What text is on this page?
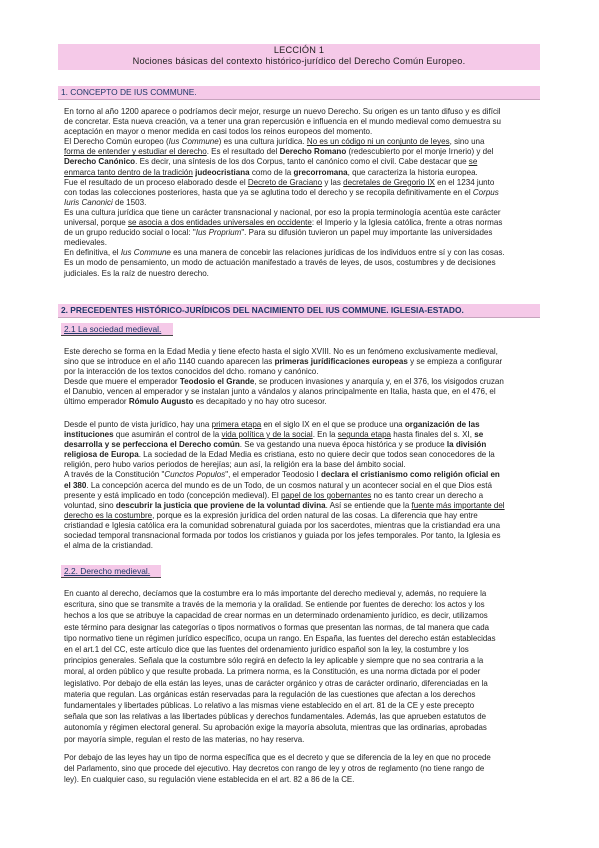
LECCIÓN 1
Nociones básicas del contexto histórico-jurídico del Derecho Común Europeo.
1. CONCEPTO DE IUS COMMUNE.
En torno al año 1200 aparece o podríamos decir mejor, resurge un nuevo Derecho. Su origen es un tanto difuso y es difícil
de concretar. Esta nueva creación, va a tener una gran repercusión e influencia en el mundo medieval como demuestra su
aceptación en mayor o menor medida en casi todos los reinos europeos del momento.
El Derecho Común europeo (Ius Commune) es una cultura jurídica. No es un código ni un conjunto de leyes, sino una
forma de entender y estudiar el derecho. Es el resultado del Derecho Romano (redescubierto por el monje Irnerio) y del
Derecho Canónico. Es decir, una síntesis de los dos Corpus, tanto el canónico como el civil. Cabe destacar que se
enmarca tanto dentro de la tradición judeocristiana como de la grecorromana, que caracteriza la historia europea.
Fue el resultado de un proceso elaborado desde el Decreto de Graciano y las decretales de Gregorio IX en el 1234 junto
con todas las colecciones posteriores, hasta que ya se aglutina todo el derecho y se recopila definitivamente en el Corpus
Iuris Canonici de 1503.
Es una cultura jurídica que tiene un carácter transnacional y nacional, por eso la propia terminología acentúa este carácter
universal, porque se asocia a dos entidades universales en occidente: el Imperio y la Iglesia católica, frente a otras normas
de un grupo reducido social o local: "Ius Proprium". Para su difusión tuvieron un papel muy importante las universidades
medievales.
En definitiva, el Ius Commune es una manera de concebir las relaciones jurídicas de los individuos entre sí y con las cosas.
Es un modo de pensamiento, un modo de actuación manifestado a través de leyes, de usos, costumbres y de decisiones
judiciales. Es la raíz de nuestro derecho.
2. PRECEDENTES HISTÓRICO-JURÍDICOS DEL NACIMIENTO DEL IUS COMMUNE. IGLESIA-ESTADO.
2.1 La sociedad medieval.
Este derecho se forma en la Edad Media y tiene efecto hasta el siglo XVIII. No es un fenómeno exclusivamente medieval,
sino que se introduce en el año 1140 cuando aparecen las primeras jurídificaciones europeas y se empieza a configurar
por la interacción de los textos conocidos del dcho. romano y canónico.
Desde que muere el emperador Teodosio el Grande, se producen invasiones y anarquía y, en el 376, los visigodos cruzan
el Danubio, vencen al emperador y se instalan junto a vándalos y alanos principalmente en Italia, hasta que, en el 476, el
último emperador Rómulo Augusto es decapitado y no hay otro sucesor.
Desde el punto de vista jurídico, hay una primera etapa en el siglo IX en el que se produce una organización de las
instituciones que asumirán el control de la vida política y de la social. En la segunda etapa hasta finales del s. XI, se
desarrolla y se perfecciona el Derecho común. Se va gestando una nueva época histórica y se produce la división
religiosa de Europa. La sociedad de la Edad Media es cristiana, esto no quiere decir que todos sean conocedores de la
religión, pero hubo varios periodos de herejías; aun así, la religión era la base del ámbito social.
A través de la Constitución "Cunctos Populos", el emperador Teodosio I declara el cristianismo como religión oficial en
el 380. La concepción acerca del mundo es de un Todo, de un cosmos natural y un acontecer social en el que Dios está
presente y está implicado en todo (concepción medieval). El papel de los gobernantes no es tanto crear un derecho a
voluntad, sino descubrir la justicia que proviene de la voluntad divina. Así se entiende que la fuente más importante del
derecho es la costumbre, porque es la expresión jurídica del orden natural de las cosas. La diferencia que hay entre
cristiandad e Iglesia católica era la comunidad sobrenatural guiada por los sacerdotes, mientras que la cristiandad era una
sociedad temporal transnacional formada por todos los cristianos y guiada por los jefes temporales. Por tanto, la Iglesia es
el alma de la cristiandad.
2.2. Derecho medieval.
En cuanto al derecho, decíamos que la costumbre era lo más importante del derecho medieval y, además, no requiere la
escritura, sino que se transmite a través de la memoria y la oralidad. Se entiende por fuentes de derecho: los actos y los
hechos a los que se atribuye la capacidad de crear normas en un determinado ordenamiento jurídico, es decir, utilizamos
este término para designar las categorías o tipos normativos o formas que presentan las normas, de tal manera que cada
tipo normativo tiene un régimen jurídico específico, ocupa un rango. En España, las fuentes del derecho están establecidas
en el art.1 del CC, este artículo dice que las fuentes del ordenamiento jurídico español son la ley, la costumbre y los
principios generales. Señala que la costumbre sólo regirá en defecto la ley aplicable y siempre que no sea contraria a la
moral, al orden público y que resulte probada. La primera norma, es la Constitución, es una norma dictada por el poder
legislativo. Por debajo de ella están las leyes, unas de carácter orgánico y otras de carácter ordinario, diferenciadas en la
materia que regulan. Las orgánicas están reservadas para la regulación de las cuestiones que afectan a los derechos
fundamentales y libertades públicas. Lo relativo a las mismas viene establecido en el art. 81 de la CE y este precepto
señala que son las relativas a las libertades públicas y derechos fundamentales. Además, las que aprueben estatutos de
autonomía y régimen electoral general. Su aprobación exige la mayoría absoluta, mientras que las ordinarias, aprobadas
por mayoría simple, regulan el resto de las materias, no hay reserva.
Por debajo de las leyes hay un tipo de norma específica que es el decreto y que se diferencia de la ley en que no procede
del Parlamento, sino que procede del ejecutivo. Hay decretos con rango de ley y otros de reglamento (no tiene rango de
ley). En cualquier caso, su regulación viene establecida en el art. 82 a 86 de la CE.
